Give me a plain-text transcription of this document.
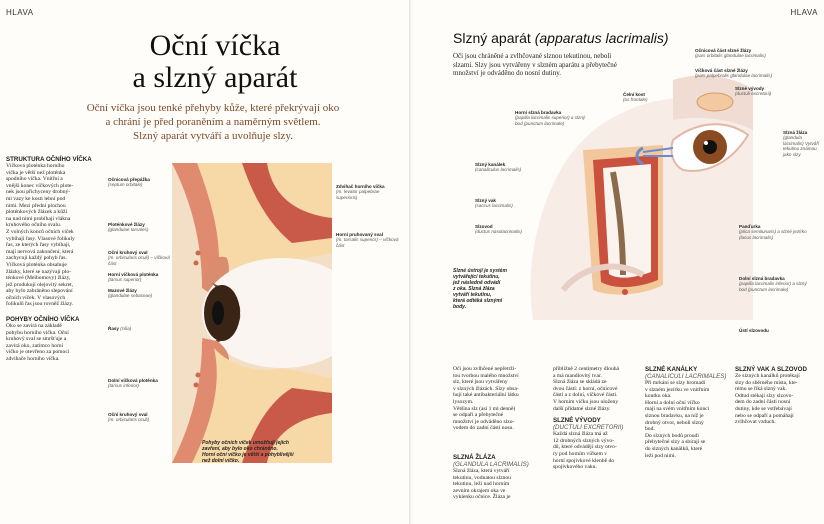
HLAVA
Oční víčka
a slzný aparát
Oční víčka jsou tenké přehyby kůže, které překrývají oko
a chrání je před poraněním a naměrným světlem.
Slzný aparát vytváří a uvolňuje slzy.
STRUKTURA OČNÍHO VÍČKA
Víčková ploténka horního
víčka je větší než ploténka
spodního víčka. Vnitřní a
vnější konec víčkových plote-
nek jsou přichyceny drobný-
mi vazy ke kosti lební pod
nimi. Mezi přední plochou
ploténkových žlázek a kůží
na nad nimi probíhají vlákna
kruhového očního svalu.
Z volných konců očních víček
vybíhají řasy. Vlasové folikuly
řas, ze kterých řasy vybíhají,
mají nervová zakončení, která
zachycují každý pohyb řas.
Víčková ploténka obsahuje
žlázky, které se nazývají plo-
ténkové (Meibomovy) žlázy,
jež produkují olejovitý sekret,
aby bylo zabráněno slepování
očních víček. V vlasových
folikulů řas jsou rovněž žlázy.
POHYBY OČNÍHO VÍČKA
Oko se zavírá na základě
pohybu horního víčka. Oční
kruhový sval se smršťuje a
zavírá oko, zatímco horní
víčko je otevřeno za pomoci
zdvihače horního víčka.
Očnicová přepážka
(septum orbitale)
Ploténkové žlázy
(glandulae tarsales)
Oční kruhový sval
(m. orbicularis oculi) – víčková část
Horní víčková ploténka
(tarsus superior)
Mazové žlázy
(glandulae sebaceae)
Řasy (cilia)
Dolní víčková ploténka
(tarsus inferior)
Oční kruhový sval
(m. orbicularis oculi)
Zdvihač horního víčka
(m. levator palpebrae superioris)
Horní pruhovaný sval
(m. tarsalis superior) – víčková část
Pohyby očních víček umožňují jejich
zavření, aby bylo oko chráněno.
Horní oční víčko je větší a pohyblivější
než dolní víčko.
HLAVA
Slzný aparát (apparatus lacrimalis)
Oči jsou chráněné a zvlhčované slznou tekutinou, neboli
slzami. Slzy jsou vytvářeny v slzném aparátu a přebytečné
množství je odváděno do nosní dutiny.
Očnicová část slzné žlázy
(pars orbitalis glandulae lacrimalis)
Víčková část slzné žlázy
(pars palpebralis glandulae lacrimalis)
Slzné vývody
(ductuli excretorii)
Čelní kost
(os frontale)
Horní slzná bradavka
(papilla lacrimalis superior) a slzný bod (punctum lacrimale)
Slzná žláza
(glandula lacrimalis) Vytváří tekutinu známou jako slzy
Slzný kanálek
(canaliculus lacrimalis)
Slzný vak
(saccus lacrimalis)
Slzovod
(ductus nasolacrimalis)
Panďurka
(plica semilunaris) a slzné jezírko (lacus lacrimalis)
Dolní slzná bradavka
(papilla lacrimalis inferior) a slzný bod (punctum lacrimale)
Ústí slzovodu
Slzné ústrojí je systém
vytvářející tekutinu,
jež následně odvádí
z oka. Slzná žláza
vytváří tekutinu,
která odtéká slznými
body.
Oči jsou zvlhčené nepřetrži-
tou tvorbou malého množství
slz, které jsou vytvářeny
v slzných žlázách. Slzy obsa-
hují také antibakteriální látku
lysozym.
Většina slz (asi 1 ml denně)
se odpaří a přebytečné
množství je odváděno slzo-
vodem do zadní části nosu.
SLZNÁ ŽLÁZA
(GLANDULA LACRIMALIS)
Slzná žláza, která vytváří
tekutinu, vodnatou slznou
tekutinu, leží nad horním
zevním okrajem oka ve
vyklenku očnice. Žláza je
přibližně 2 centimetry dlouhá
a má mandlovitý tvar.
Slzná žláza se skládá ze
dvou částí: z horní, očnicové
části a z dolní, víčkové části.
V horním víčku jsou uloženy
další přídatné slzné žlázy.
SLZNÉ VÝVODY
(DUCTULI EXCRETORII)
Každá slzná žláza má až
12 drobných slzných vývo-
dů, které odvádějí slzy otvo-
ry pod horním víčkem v
horní spojivkové klenbě do
spojivkového vaku.
SLZNÉ KANÁLKY
(CANALICULI LACRIMALES)
Při mrkání se slzy hromadí
v slzném jezírku ve vnitřním
koutku oka.
Horní a dolní oční víčko
mají na svém vnitřním konci
slznou bradavku, na níž je
drobný otvor, neboli slzný
bod.
Do slzných bodů proudí
přebytečné slzy a sbírají se
do slzných kanálků, které
leží pod nimi.
SLZNÝ VAK A SLZOVOD
Ze slzných kanálků protékají
slzy do sběrného místa, kte-
rému se říká slzný vak.
Odtud stékají slzy slzovo-
dem do zadní části nosní
dutiny, kde se vstřebávají
nebo se odpaří a pomáhají
zvlhčovat vzduch.
